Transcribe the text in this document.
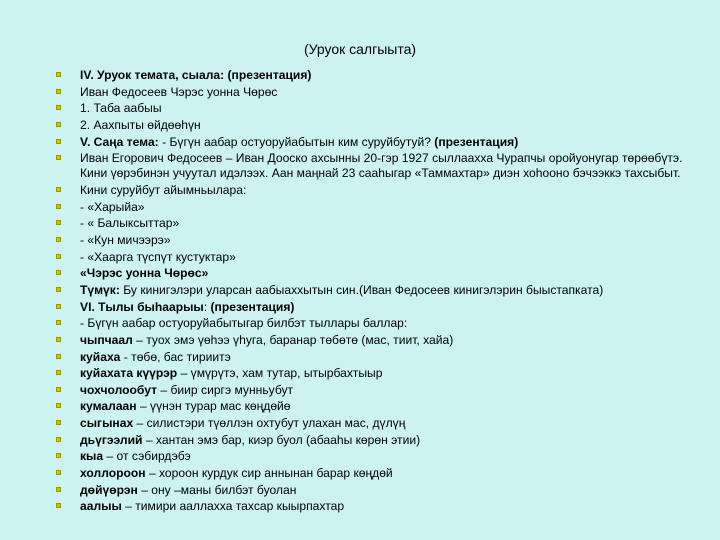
(Уруок салгыыта)
IV. Уруок темата, сыала: (презентация)
Иван Федосеев Чэрэс уонна Чөрөс
1. Таба аабыы
2. Аахпыты өйдөөһүн
V. Саңа тема: - Бүгүн аабар остуоруйабытын ким суруйбутуй? (презентация)
Иван Егорович Федосеев – Иван Дооско ахсынны 20-гэр 1927 сыллаахха Чурапчы оройуонугар төрөөбүтэ. Кини үөрэбинэн учуутал идэлээх. Аан маңнай 23 сааһыгар «Таммахтар» диэн хоһооно бэчээккэ тахсыбыт.
Кини суруйбут айымньылара:
- «Харыйа»
- « Балыксыттар»
- «Кун мичээрэ»
- «Хаарга түспүт кустуктар»
«Чэрэс уонна Чөрөс»
Түмүк: Бу кинигэлэри уларсан аабыаххытын син.(Иван Федосеев кинигэлэрин быыстапката)
VI. Тылы быһаарыы: (презентация)
- Бүгүн аабар остуоруйабытыгар билбэт тыллары баллар:
чыпчаал – туох эмэ үөһээ үһуга, баранар төбөтө (мас, тиит, хайа)
куйаха - төбө, бас тириитэ
куйахата күүрэр – үмүрүтэ, хам тутар, ытырбахтыыр
чохчолообут – биир сиргэ мунньубут
кумалаан – үүнэн турар мас көңдөйө
сыгынах – силистэри түөллэн охтубут улахан мас, дүлүң
дьүгээлий – хантан эмэ бар, киэр буол (абааһы көрөн этии)
кыа – от сэбирдэбэ
холлороон – хороон курдук сир аннынан барар көңдөй
дөйүөрэн – ону –маны билбэт буолан
аалыы – тимири ааллахха тахсар кыырпахтар
